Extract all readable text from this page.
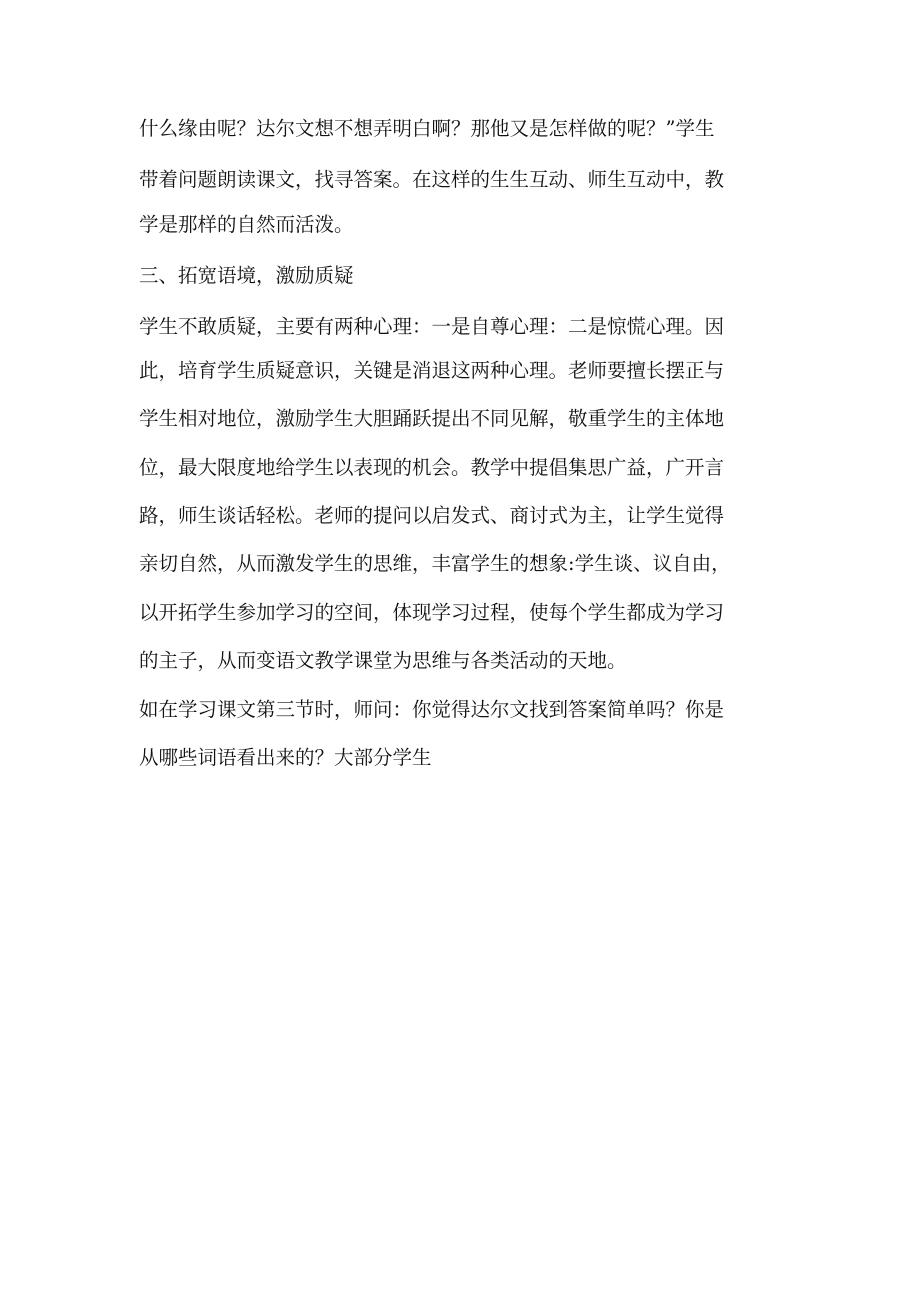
什么缘由呢？达尔文想不想弄明白啊？那他又是怎样做的呢？”学生
带着问题朗读课文，找寻答案。在这样的生生互动、师生互动中，教
学是那样的自然而活泼。
三、拓宽语境，激励质疑
学生不敢质疑，主要有两种心理：一是自尊心理：二是惊慌心理。因
此，培育学生质疑意识，关键是消退这两种心理。老师要擅长摆正与
学生相对地位，激励学生大胆踊跃提出不同见解，敬重学生的主体地
位，最大限度地给学生以表现的机会。教学中提倡集思广益，广开言
路，师生谈话轻松。老师的提问以启发式、商讨式为主，让学生觉得
亲切自然，从而激发学生的思维，丰富学生的想象:学生谈、议自由，
以开拓学生参加学习的空间，体现学习过程，使每个学生都成为学习
的主子，从而变语文教学课堂为思维与各类活动的天地。
如在学习课文第三节时，师问：你觉得达尔文找到答案简单吗？你是
从哪些词语看出来的？大部分学生
